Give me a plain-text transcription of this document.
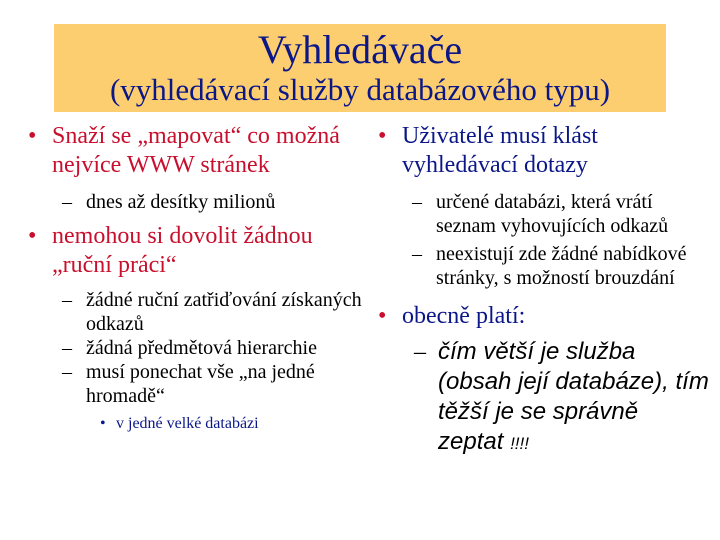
Vyhledávače
(vyhledávací služby databázového typu)
• Snaží se „mapovat“ co možná nejvíce WWW stránek
– dnes až desítky milionů
• nemohou si dovolit žádnou „ruční práci“
– žádné ruční zatřiďování získaných odkazů
– žádná předmětová hierarchie
– musí ponechat vše „na jedné hromadě“
• v jedné velké databázi
• Uživatelé musí klást vyhledávací dotazy
– určené databázi, která vrátí seznam vyhovujících odkazů
– neexistují zde žádné nabídkové stránky, s možností brouzdání
• obecně platí:
– čím větší je služba (obsah její databáze), tím těžší je se správně zeptat !!!!
